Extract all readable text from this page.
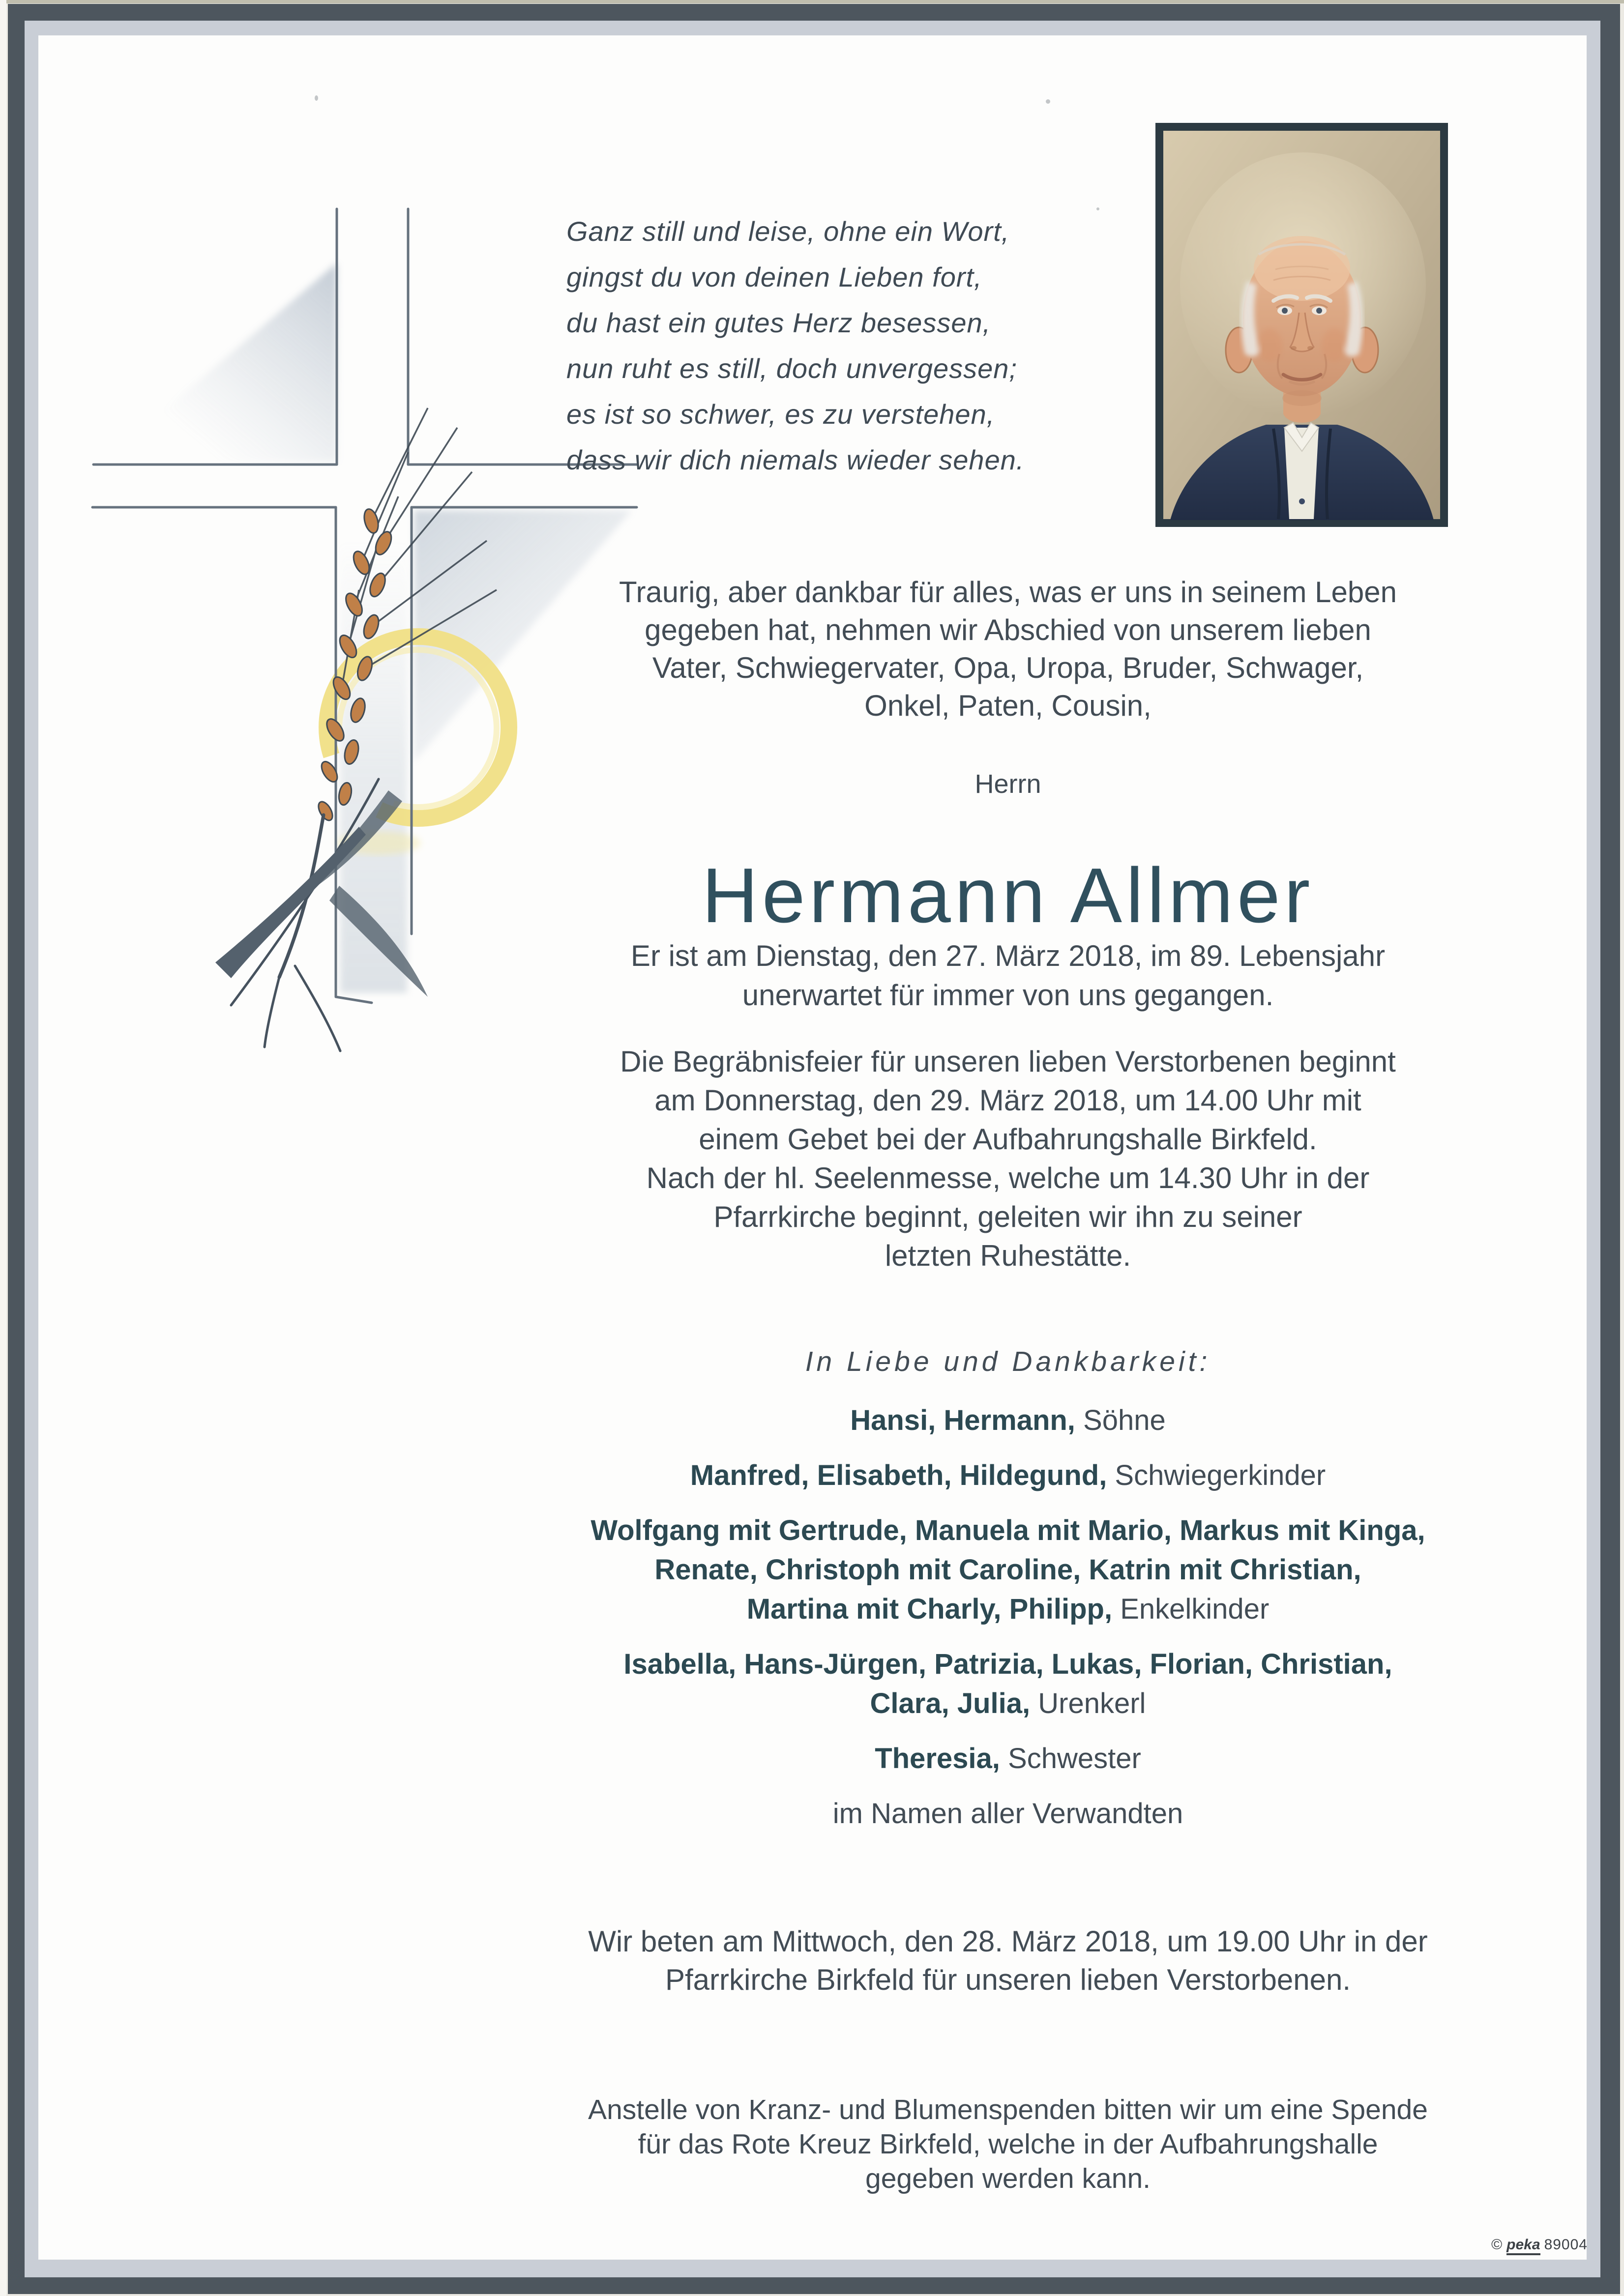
Ganz still und leise, ohne ein Wort,
gingst du von deinen Lieben fort,
du hast ein gutes Herz besessen,
nun ruht es still, doch unvergessen;
es ist so schwer, es zu verstehen,
dass wir dich niemals wieder sehen.
Traurig, aber dankbar für alles, was er uns in seinem Leben
gegeben hat, nehmen wir Abschied von unserem lieben
Vater, Schwiegervater, Opa, Uropa, Bruder, Schwager,
Onkel, Paten, Cousin,
Herrn
Hermann Allmer
Er ist am Dienstag, den 27. März 2018, im 89. Lebensjahr
unerwartet für immer von uns gegangen.
Die Begräbnisfeier für unseren lieben Verstorbenen beginnt
am Donnerstag, den 29. März 2018, um 14.00 Uhr mit
einem Gebet bei der Aufbahrungshalle Birkfeld.
Nach der hl. Seelenmesse, welche um 14.30 Uhr in der
Pfarrkirche beginnt, geleiten wir ihn zu seiner
letzten Ruhestätte.
In Liebe und Dankbarkeit:
Hansi, Hermann, Söhne
Manfred, Elisabeth, Hildegund, Schwiegerkinder
Wolfgang mit Gertrude, Manuela mit Mario, Markus mit Kinga,
Renate, Christoph mit Caroline, Katrin mit Christian,
Martina mit Charly, Philipp, Enkelkinder
Isabella, Hans-Jürgen, Patrizia, Lukas, Florian, Christian,
Clara, Julia, Urenkerl
Theresia, Schwester
im Namen aller Verwandten
Wir beten am Mittwoch, den 28. März 2018, um 19.00 Uhr in der
Pfarrkirche Birkfeld für unseren lieben Verstorbenen.
Anstelle von Kranz- und Blumenspenden bitten wir um eine Spende
für das Rote Kreuz Birkfeld, welche in der Aufbahrungshalle
gegeben werden kann.
© peka 89004
